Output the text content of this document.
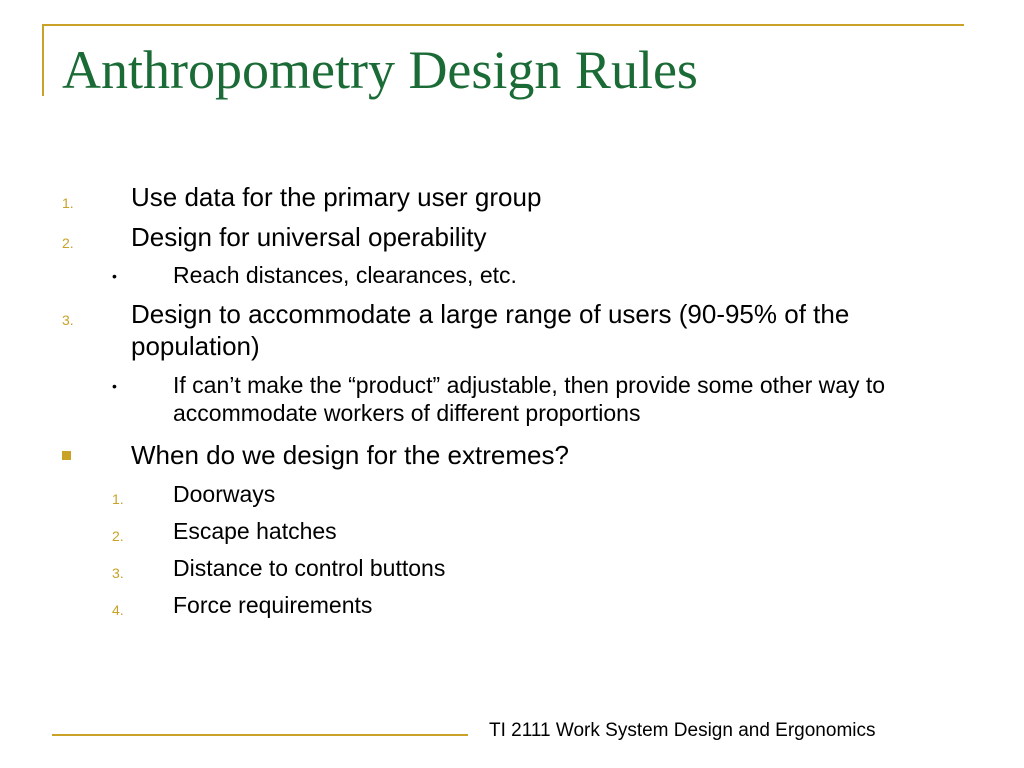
Anthropometry Design Rules
1.	Use data for the primary user group
2.	Design for universal operability
•	Reach distances, clearances, etc.
3.	Design to accommodate a large range of users (90-95% of the population)
•	If can’t make the “product” adjustable, then provide some other way to accommodate workers of different proportions
When do we design for the extremes?
1.	Doorways
2.	Escape hatches
3.	Distance to control buttons
4.	Force requirements
TI 2111 Work System Design and Ergonomics
